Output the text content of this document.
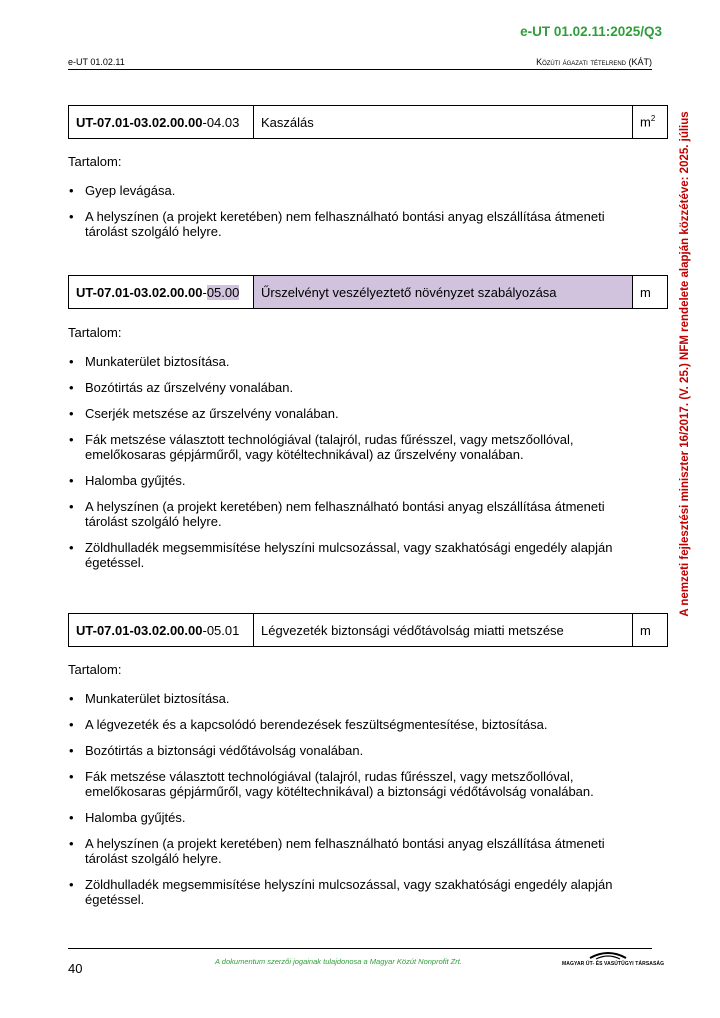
e-UT 01.02.11:2025/Q3
e-UT 01.02.11	Közúti ágazati tételrend (KÁT)
A nemzeti fejlesztési miniszter 16/2017. (V. 25.) NFM rendelete alapján közzétéve: 2025. július
UT-07.01-03.02.00.00-04.03	Kaszálás	$m^2$
Tartalom:
• Gyep levágása.
• A helyszínen (a projekt keretében) nem felhasználható bontási anyag elszállítása átmeneti tárolást szolgáló helyre.
UT-07.01-03.02.00.00-05.00	Űrszelvényt veszélyeztető növényzet szabályozása	m
Tartalom:
• Munkaterület biztosítása.
• Bozótirtás az űrszelvény vonalában.
• Cserjék metszése az űrszelvény vonalában.
• Fák metszése választott technológiával (talajról, rudas fűrésszel, vagy metszőollóval, emelőkosaras gépjárműről, vagy kötéltechnikával) az űrszelvény vonalában.
• Halomba gyűjtés.
• A helyszínen (a projekt keretében) nem felhasználható bontási anyag elszállítása átmeneti tárolást szolgáló helyre.
• Zöldhulladék megsemmisítése helyszíni mulcsozással, vagy szakhatósági engedély alapján égetéssel.
UT-07.01-03.02.00.00-05.01	Légvezeték biztonsági védőtávolság miatti metszése	m
Tartalom:
• Munkaterület biztosítása.
• A légvezeték és a kapcsolódó berendezések feszültségmentesítése, biztosítása.
• Bozótirtás a biztonsági védőtávolság vonalában.
• Fák metszése választott technológiával (talajról, rudas fűrésszel, vagy metszőollóval, emelőkosaras gépjárműről, vagy kötéltechnikával) a biztonsági védőtávolság vonalában.
• Halomba gyűjtés.
• A helyszínen (a projekt keretében) nem felhasználható bontási anyag elszállítása átmeneti tárolást szolgáló helyre.
• Zöldhulladék megsemmisítése helyszíni mulcsozással, vagy szakhatósági engedély alapján égetéssel.
40	A dokumentum szerzői jogainak tulajdonosa a Magyar Közút Nonprofit Zrt.	MAGYAR ÚT- ÉS VASÚTÜGYI TÁRSASÁG
